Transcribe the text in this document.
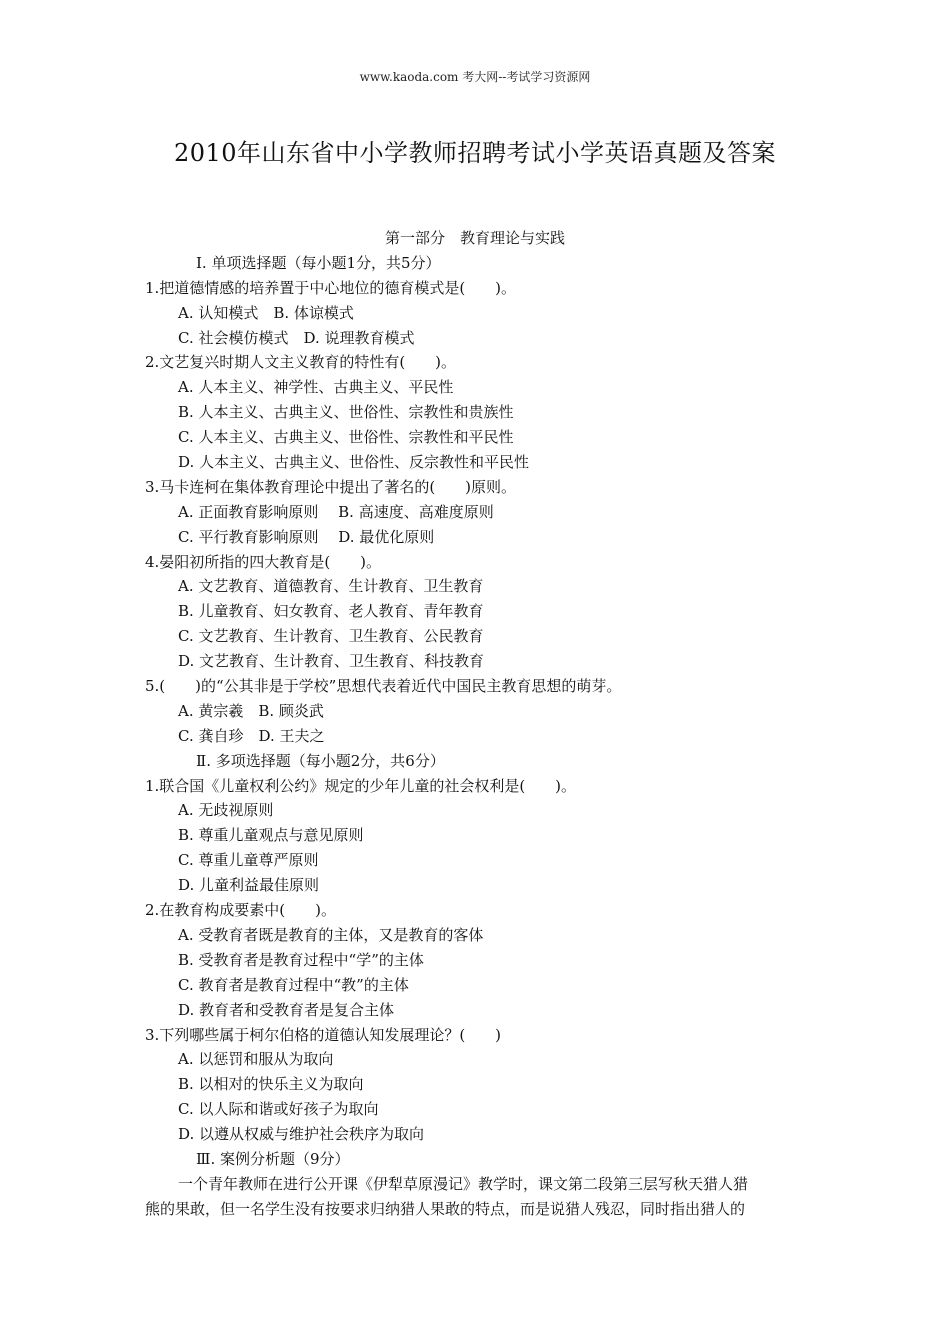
www.kaoda.com 考大网--考试学习资源网
2010年山东省中小学教师招聘考试小学英语真题及答案
第一部分　教育理论与实践
Ⅰ. 单项选择题（每小题1分，共5分）
1.把道德情感的培养置于中心地位的德育模式是(　　)。
A. 认知模式　B. 体谅模式
C. 社会模仿模式　D. 说理教育模式
2.文艺复兴时期人文主义教育的特性有(　　)。
A. 人本主义、神学性、古典主义、平民性
B. 人本主义、古典主义、世俗性、宗教性和贵族性
C. 人本主义、古典主义、世俗性、宗教性和平民性
D. 人本主义、古典主义、世俗性、反宗教性和平民性
3.马卡连柯在集体教育理论中提出了著名的(　　)原则。
A. 正面教育影响原则　 B. 高速度、高难度原则
C. 平行教育影响原则　 D. 最优化原则
4.晏阳初所指的四大教育是(　　)。
A. 文艺教育、道德教育、生计教育、卫生教育
B. 儿童教育、妇女教育、老人教育、青年教育
C. 文艺教育、生计教育、卫生教育、公民教育
D. 文艺教育、生计教育、卫生教育、科技教育
5.(　　)的“公其非是于学校”思想代表着近代中国民主教育思想的萌芽。
A. 黄宗羲　B. 顾炎武
C. 龚自珍　D. 王夫之
Ⅱ. 多项选择题（每小题2分，共6分）
1.联合国《儿童权利公约》规定的少年儿童的社会权利是(　　)。
A. 无歧视原则
B. 尊重儿童观点与意见原则
C. 尊重儿童尊严原则
D. 儿童利益最佳原则
2.在教育构成要素中(　　)。
A. 受教育者既是教育的主体，又是教育的客体
B. 受教育者是教育过程中“学”的主体
C. 教育者是教育过程中“教”的主体
D. 教育者和受教育者是复合主体
3.下列哪些属于柯尔伯格的道德认知发展理论？(　　)
A. 以惩罚和服从为取向
B. 以相对的快乐主义为取向
C. 以人际和谐或好孩子为取向
D. 以遵从权威与维护社会秩序为取向
Ⅲ. 案例分析题（9分）
一个青年教师在进行公开课《伊犁草原漫记》教学时，课文第二段第三层写秋天猎人猎
熊的果敢，但一名学生没有按要求归纳猎人果敢的特点，而是说猎人残忍，同时指出猎人的
